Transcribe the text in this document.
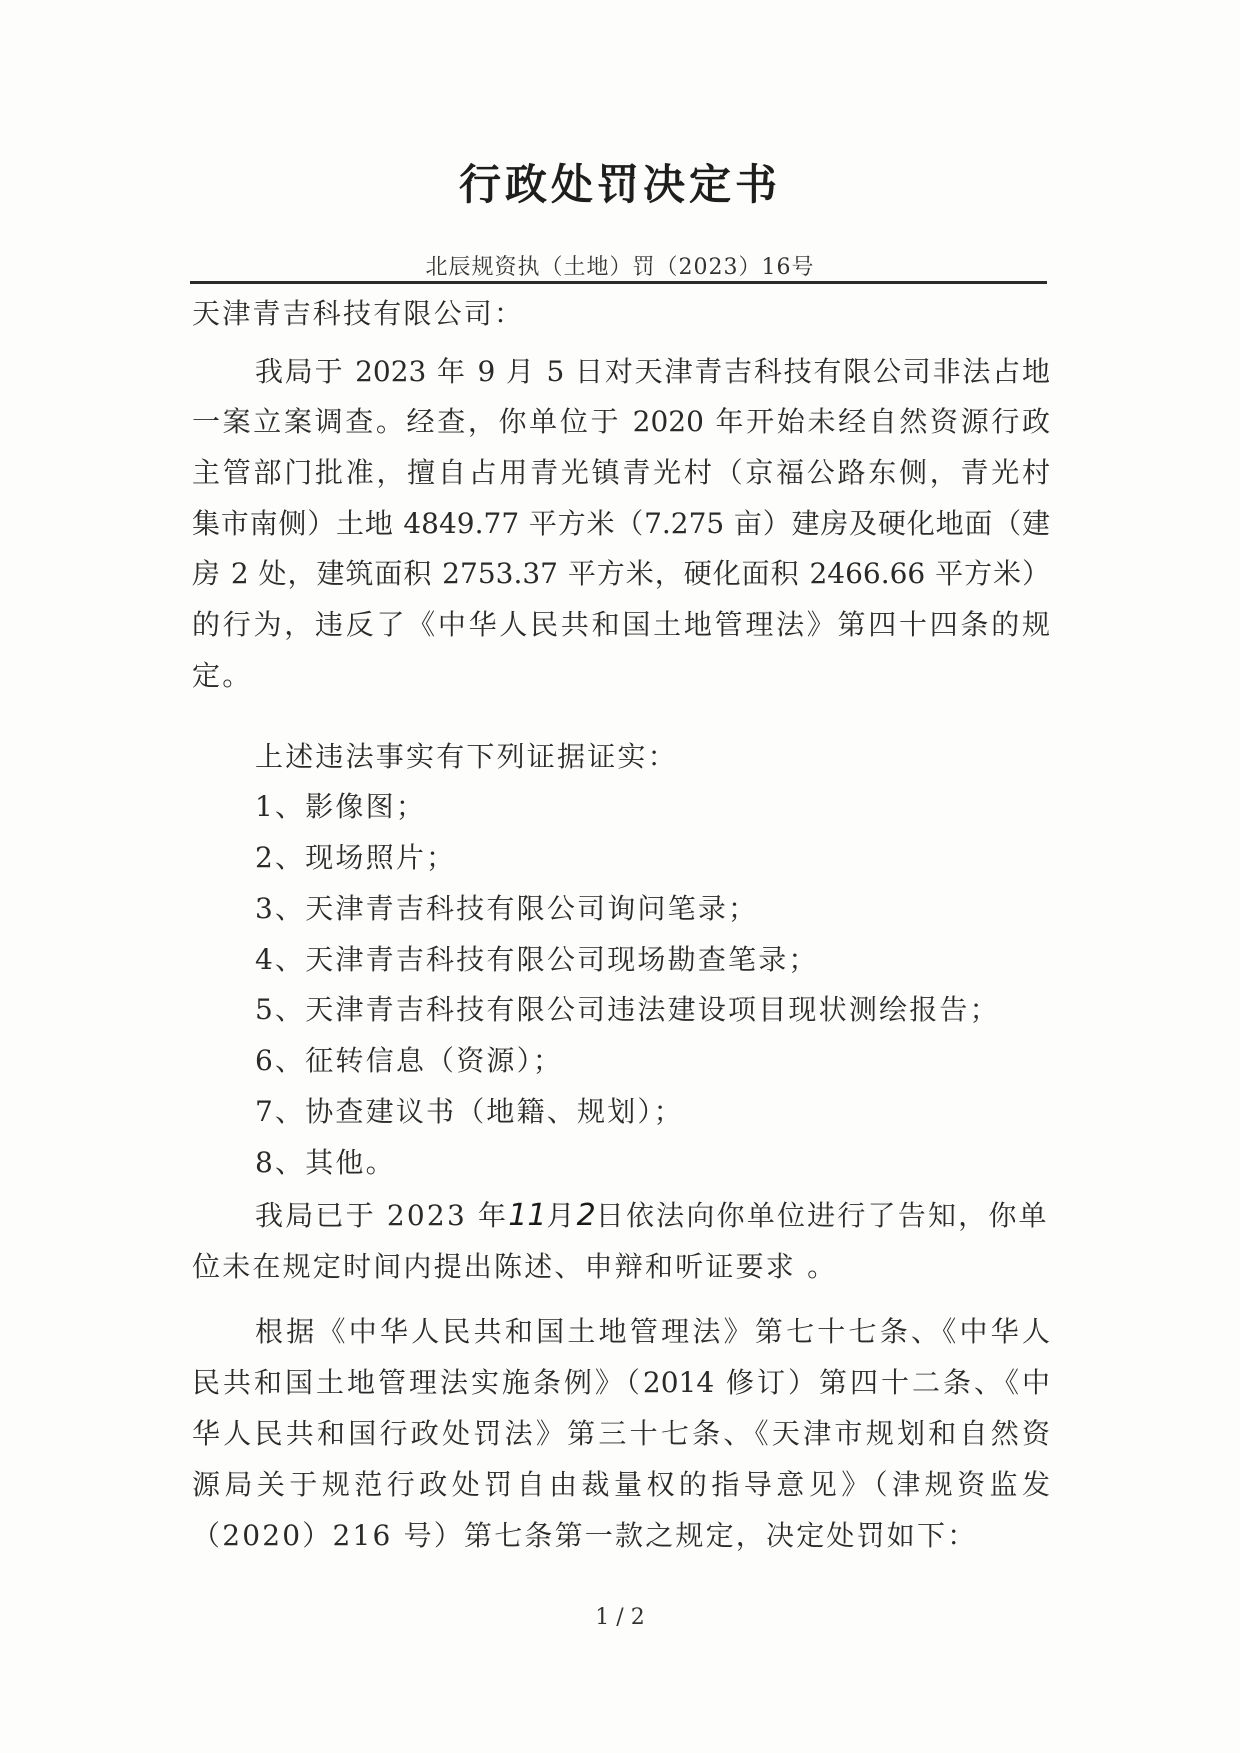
行政处罚决定书
北辰规资执（土地）罚（2023）16号
天津青吉科技有限公司：
我局于 2023 年 9 月 5 日对天津青吉科技有限公司非法占地
一案立案调查。经查，你单位于 2020 年开始未经自然资源行政
主管部门批准，擅自占用青光镇青光村（京福公路东侧，青光村
集市南侧）土地 4849.77 平方米（7.275 亩）建房及硬化地面（建
房 2 处，建筑面积 2753.37 平方米，硬化面积 2466.66 平方米）
的行为，违反了《中华人民共和国土地管理法》第四十四条的规
定。
上述违法事实有下列证据证实：
1、影像图；
2、现场照片；
3、天津青吉科技有限公司询问笔录；
4、天津青吉科技有限公司现场勘查笔录；
5、天津青吉科技有限公司违法建设项目现状测绘报告；
6、征转信息（资源）；
7、协查建议书（地籍、规划）；
8、其他。
我局已于 2023 年11月2日依法向你单位进行了告知，你单
位未在规定时间内提出陈述、申辩和听证要求 。
根据《中华人民共和国土地管理法》第七十七条、《中华人
民共和国土地管理法实施条例》（2014 修订）第四十二条、《中
华人民共和国行政处罚法》第三十七条、《天津市规划和自然资
源局关于规范行政处罚自由裁量权的指导意见》（津规资监发
（2020）216 号）第七条第一款之规定，决定处罚如下：
1 / 2
